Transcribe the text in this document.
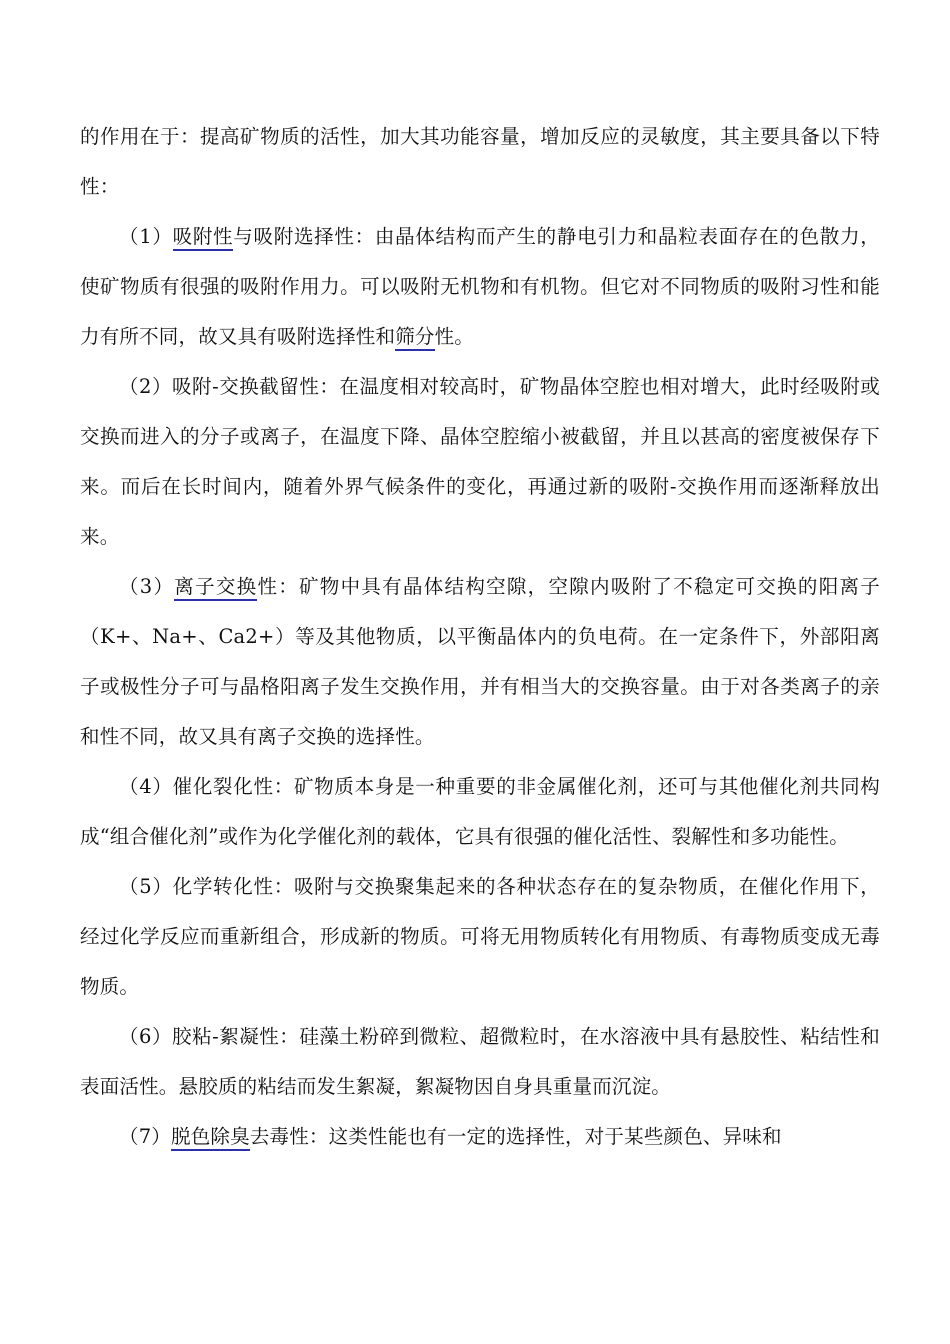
的作用在于：提高矿物质的活性，加大其功能容量，增加反应的灵敏度，其主要具备以下特性：

（1）吸附性与吸附选择性：由晶体结构而产生的静电引力和晶粒表面存在的色散力，使矿物质有很强的吸附作用力。可以吸附无机物和有机物。但它对不同物质的吸附习性和能力有所不同，故又具有吸附选择性和筛分性。

（2）吸附-交换截留性：在温度相对较高时，矿物晶体空腔也相对增大，此时经吸附或交换而进入的分子或离子，在温度下降、晶体空腔缩小被截留，并且以甚高的密度被保存下来。而后在长时间内，随着外界气候条件的变化，再通过新的吸附-交换作用而逐渐释放出来。

（3）离子交换性：矿物中具有晶体结构空隙，空隙内吸附了不稳定可交换的阳离子（K+、Na+、Ca2+）等及其他物质，以平衡晶体内的负电荷。在一定条件下，外部阳离子或极性分子可与晶格阳离子发生交换作用，并有相当大的交换容量。由于对各类离子的亲和性不同，故又具有离子交换的选择性。

（4）催化裂化性：矿物质本身是一种重要的非金属催化剂，还可与其他催化剂共同构成“组合催化剂”或作为化学催化剂的载体，它具有很强的催化活性、裂解性和多功能性。

（5）化学转化性：吸附与交换聚集起来的各种状态存在的复杂物质，在催化作用下，经过化学反应而重新组合，形成新的物质。可将无用物质转化有用物质、有毒物质变成无毒物质。

（6）胶粘-絮凝性：硅藻土粉碎到微粒、超微粒时，在水溶液中具有悬胶性、粘结性和表面活性。悬胶质的粘结而发生絮凝，絮凝物因自身具重量而沉淀。

（7）脱色除臭去毒性：这类性能也有一定的选择性，对于某些颜色、异味和
